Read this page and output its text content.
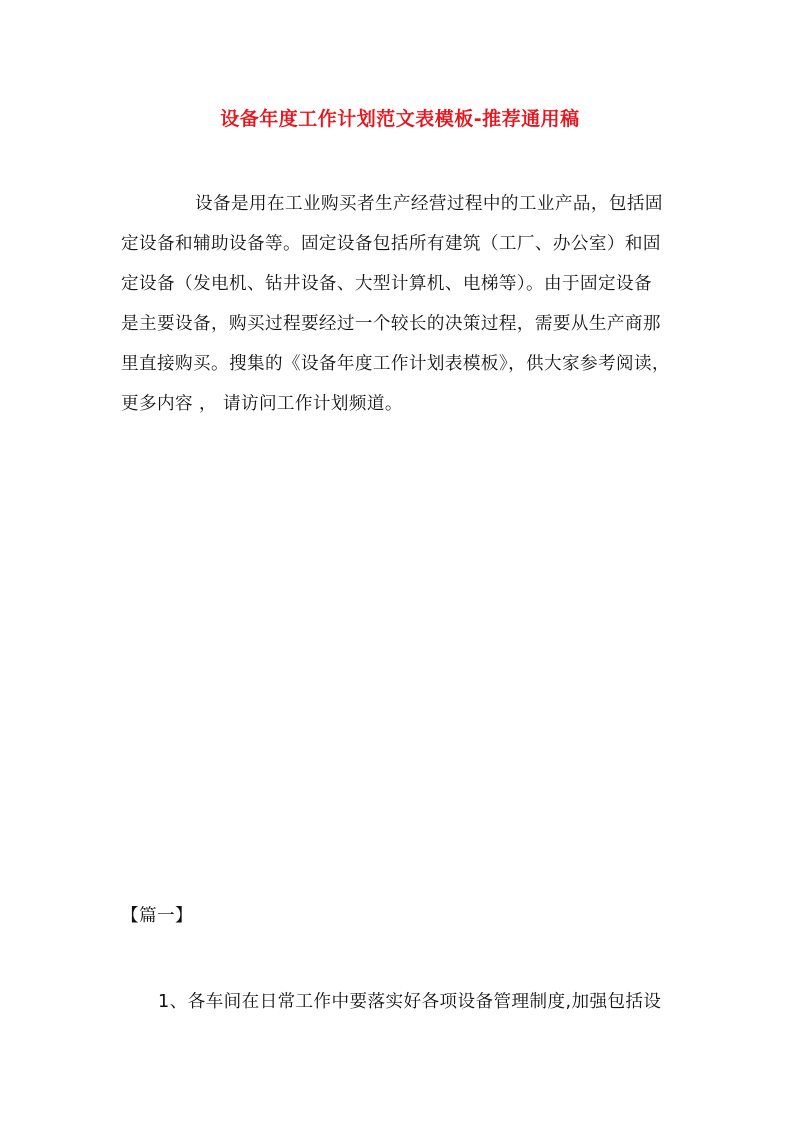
设备年度工作计划范文表模板-推荐通用稿
设备是用在工业购买者生产经营过程中的工业产品，包括固
定设备和辅助设备等。固定设备包括所有建筑（工厂、办公室）和固
定设备（发电机、钻井设备、大型计算机、电梯等）。由于固定设备
是主要设备，购买过程要经过一个较长的决策过程，需要从生产商那
里直接购买。搜集的《设备年度工作计划表模板》，供大家参考阅读，
更多内容 ， 请访问工作计划频道。
【篇一】
1、各车间在日常工作中要落实好各项设备管理制度,加强包括设
